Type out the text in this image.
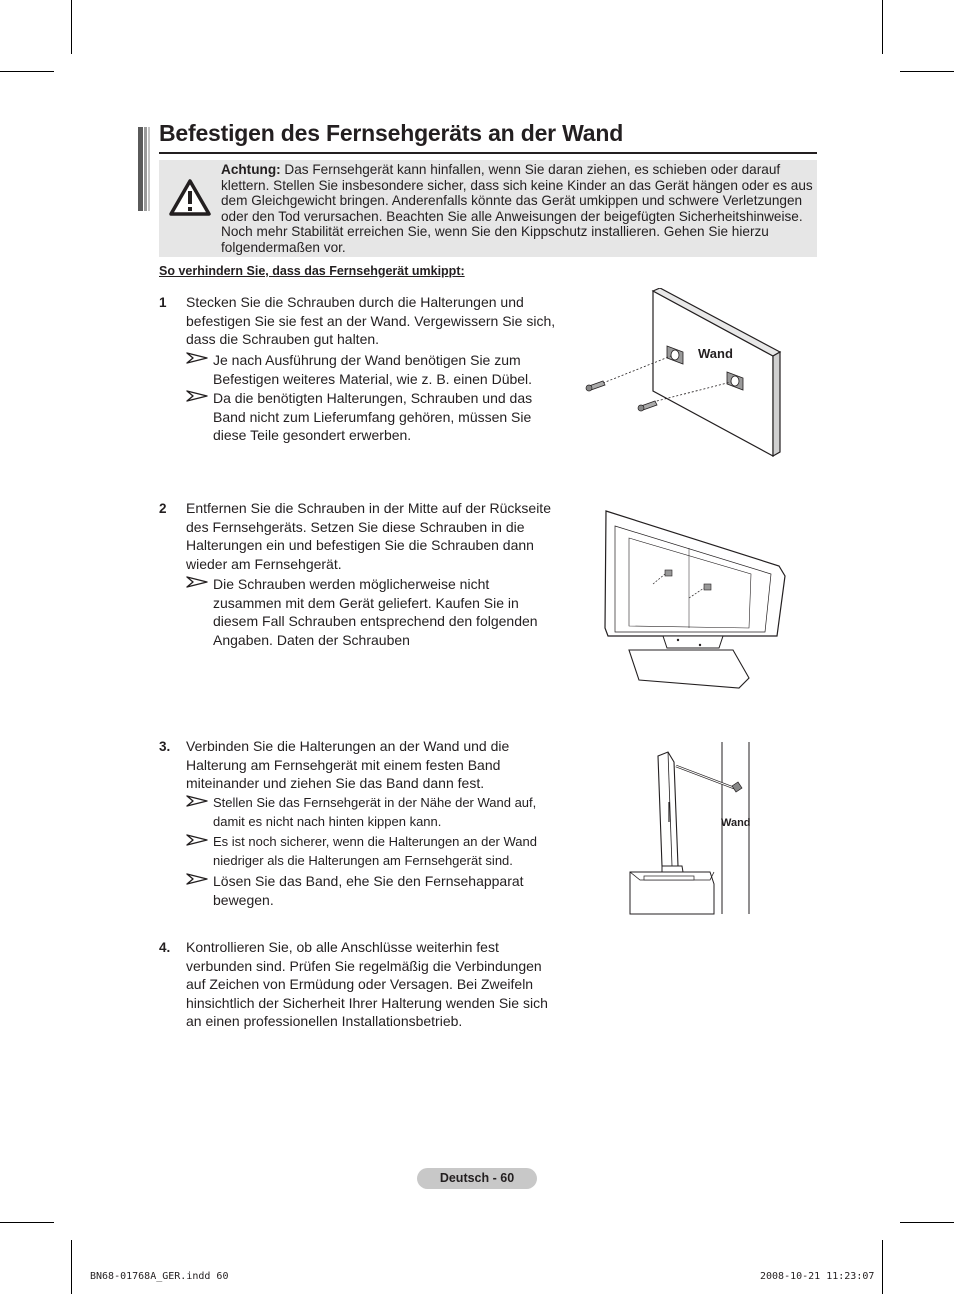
Befestigen des Fernsehgeräts an der Wand
Achtung: Das Fernsehgerät kann hinfallen, wenn Sie daran ziehen, es schieben oder darauf klettern. Stellen Sie insbesondere sicher, dass sich keine Kinder an das Gerät hängen oder es aus dem Gleichgewicht bringen. Anderenfalls könnte das Gerät umkippen und schwere Verletzungen oder den Tod verursachen. Beachten Sie alle Anweisungen der beigefügten Sicherheitshinweise. Noch mehr Stabilität erreichen Sie, wenn Sie den Kippschutz installieren. Gehen Sie hierzu folgendermaßen vor.
So verhindern Sie, dass das Fernsehgerät umkippt:
1 Stecken Sie die Schrauben durch die Halterungen und befestigen Sie sie fest an der Wand. Vergewissern Sie sich, dass die Schrauben gut halten.
Je nach Ausführung der Wand benötigen Sie zum Befestigen weiteres Material, wie z. B. einen Dübel.
Da die benötigten Halterungen, Schrauben und das Band nicht zum Lieferumfang gehören, müssen Sie diese Teile gesondert erwerben.
Wand
2 Entfernen Sie die Schrauben in der Mitte auf der Rückseite des Fernsehgeräts. Setzen Sie diese Schrauben in die Halterungen ein und befestigen Sie die Schrauben dann wieder am Fernsehgerät.
Die Schrauben werden möglicherweise nicht zusammen mit dem Gerät geliefert. Kaufen Sie in diesem Fall Schrauben entsprechend den folgenden Angaben. Daten der Schrauben
3. Verbinden Sie die Halterungen an der Wand und die Halterung am Fernsehgerät mit einem festen Band miteinander und ziehen Sie das Band dann fest.
Stellen Sie das Fernsehgerät in der Nähe der Wand auf, damit es nicht nach hinten kippen kann.
Es ist noch sicherer, wenn die Halterungen an der Wand niedriger als die Halterungen am Fernsehgerät sind.
Lösen Sie das Band, ehe Sie den Fernsehapparat bewegen.
Wand
4. Kontrollieren Sie, ob alle Anschlüsse weiterhin fest verbunden sind. Prüfen Sie regelmäßig die Verbindungen auf Zeichen von Ermüdung oder Versagen. Bei Zweifeln hinsichtlich der Sicherheit Ihrer Halterung wenden Sie sich an einen professionellen Installationsbetrieb.
Deutsch - 60
BN68-01768A_GER.indd 60	2008-10-21 11:23:07
